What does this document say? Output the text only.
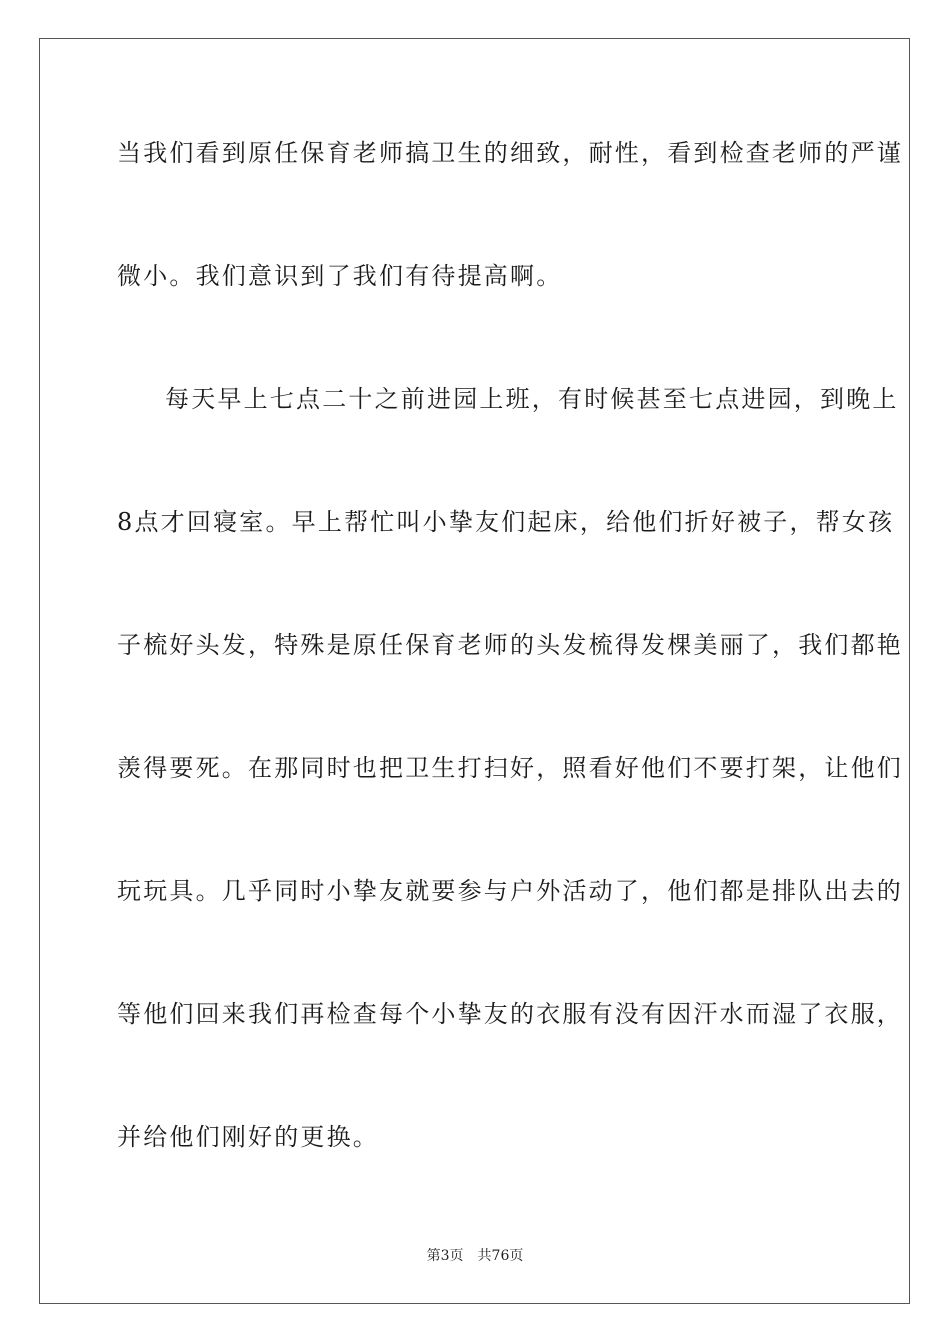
当我们看到原任保育老师搞卫生的细致，耐性，看到检查老师的严谨
微小。我们意识到了我们有待提高啊。
每天早上七点二十之前进园上班，有时候甚至七点进园，到晚上
8点才回寝室。早上帮忙叫小挚友们起床，给他们折好被子，帮女孩
子梳好头发，特殊是原任保育老师的头发梳得发棵美丽了，我们都艳
羡得要死。在那同时也把卫生打扫好，照看好他们不要打架，让他们
玩玩具。几乎同时小挚友就要参与户外活动了，他们都是排队出去的
等他们回来我们再检查每个小挚友的衣服有没有因汗水而湿了衣服，
并给他们刚好的更换。
第3页 共76页
